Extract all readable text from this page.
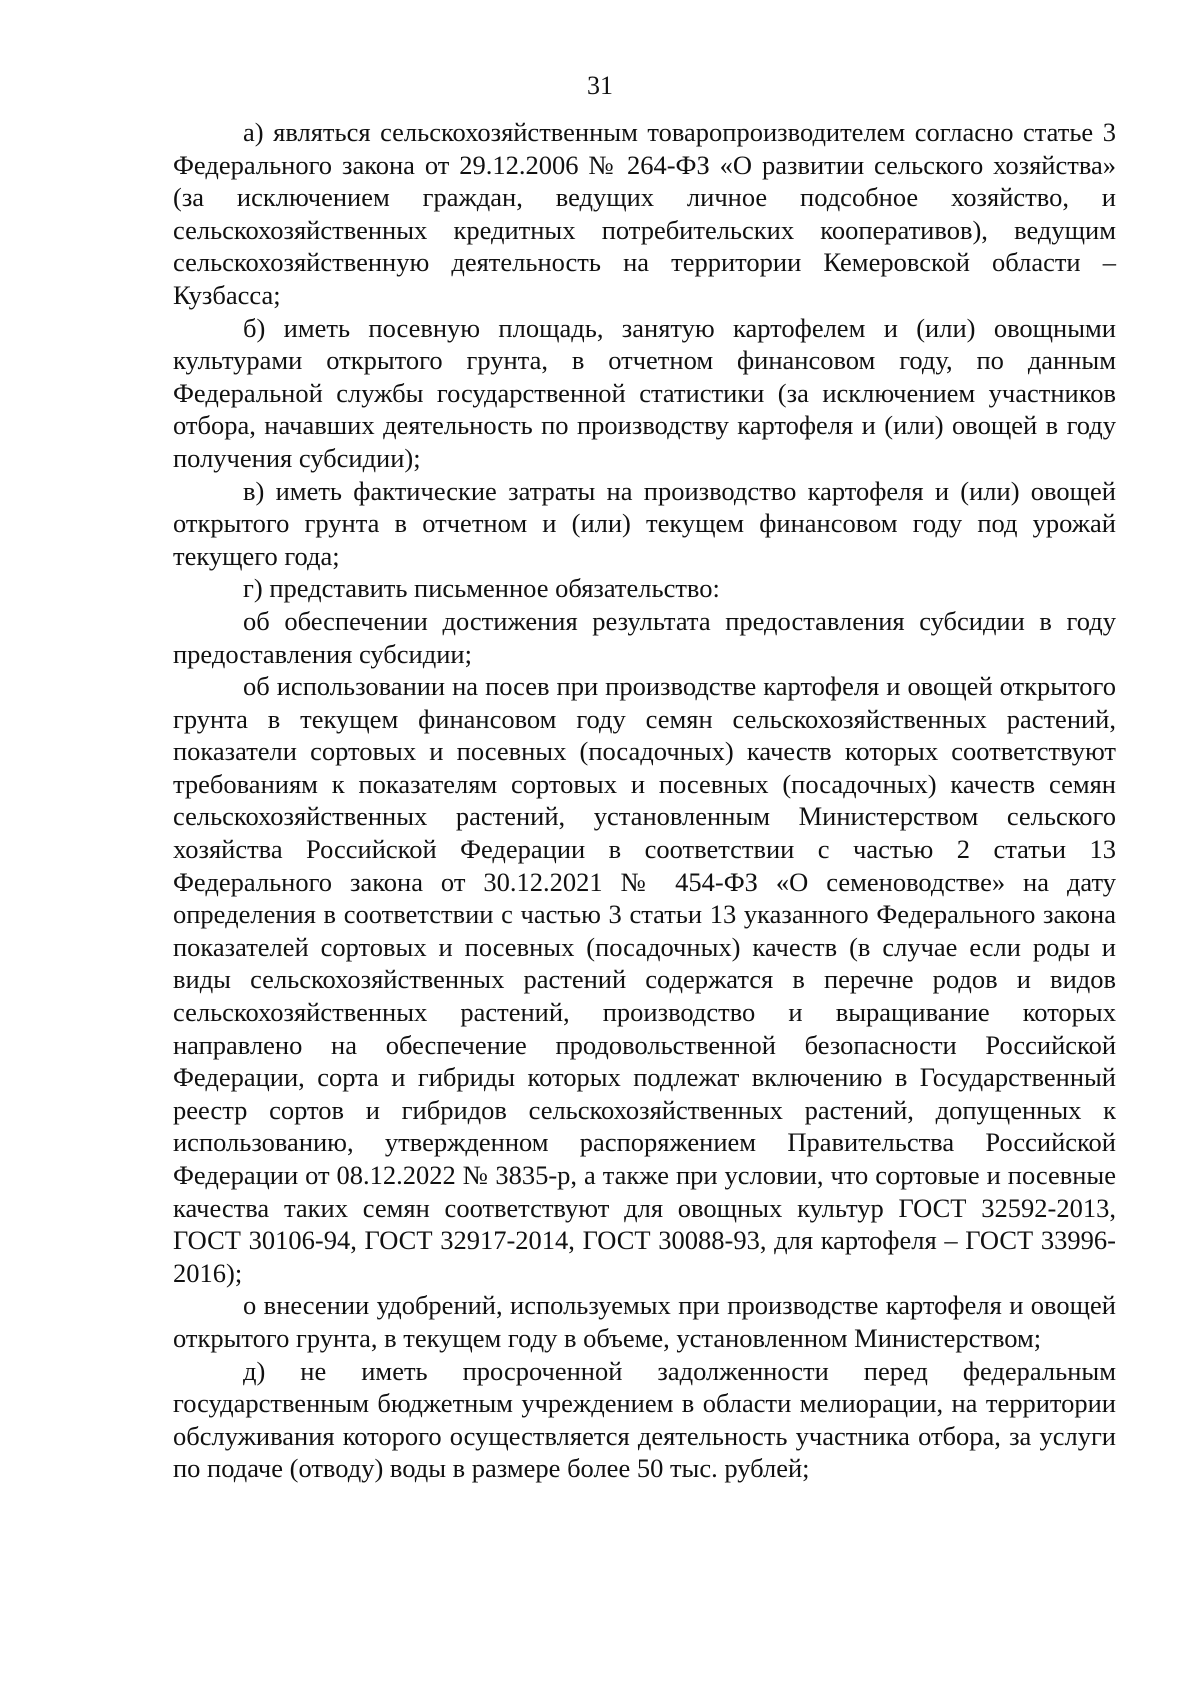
31

а) являться сельскохозяйственным товаропроизводителем согласно статье 3 Федерального закона от 29.12.2006 № 264-ФЗ «О развитии сельского хозяйства» (за исключением граждан, ведущих личное подсобное хозяйство, и сельскохозяйственных кредитных потребительских кооперативов), ведущим сельскохозяйственную деятельность на территории Кемеровской области – Кузбасса;

б) иметь посевную площадь, занятую картофелем и (или) овощными культурами открытого грунта, в отчетном финансовом году, по данным Федеральной службы государственной статистики (за исключением участников отбора, начавших деятельность по производству картофеля и (или) овощей в году получения субсидии);

в) иметь фактические затраты на производство картофеля и (или) овощей открытого грунта в отчетном и (или) текущем финансовом году под урожай текущего года;

г) представить письменное обязательство:

об обеспечении достижения результата предоставления субсидии в году предоставления субсидии;

об использовании на посев при производстве картофеля и овощей открытого грунта в текущем финансовом году семян сельскохозяйственных растений, показатели сортовых и посевных (посадочных) качеств которых соответствуют требованиям к показателям сортовых и посевных (посадочных) качеств семян сельскохозяйственных растений, установленным Министерством сельского хозяйства Российской Федерации в соответствии с частью 2 статьи 13 Федерального закона от 30.12.2021 № 454-ФЗ «О семеноводстве» на дату определения в соответствии с частью 3 статьи 13 указанного Федерального закона показателей сортовых и посевных (посадочных) качеств (в случае если роды и виды сельскохозяйственных растений содержатся в перечне родов и видов сельскохозяйственных растений, производство и выращивание которых направлено на обеспечение продовольственной безопасности Российской Федерации, сорта и гибриды которых подлежат включению в Государственный реестр сортов и гибридов сельскохозяйственных растений, допущенных к использованию, утвержденном распоряжением Правительства Российской Федерации от 08.12.2022 № 3835-р, а также при условии, что сортовые и посевные качества таких семян соответствуют для овощных культур ГОСТ 32592-2013, ГОСТ 30106-94, ГОСТ 32917-2014, ГОСТ 30088-93, для картофеля – ГОСТ 33996-2016);

о внесении удобрений, используемых при производстве картофеля и овощей открытого грунта, в текущем году в объеме, установленном Министерством;

д) не иметь просроченной задолженности перед федеральным государственным бюджетным учреждением в области мелиорации, на территории обслуживания которого осуществляется деятельность участника отбора, за услуги по подаче (отводу) воды в размере более 50 тыс. рублей;
